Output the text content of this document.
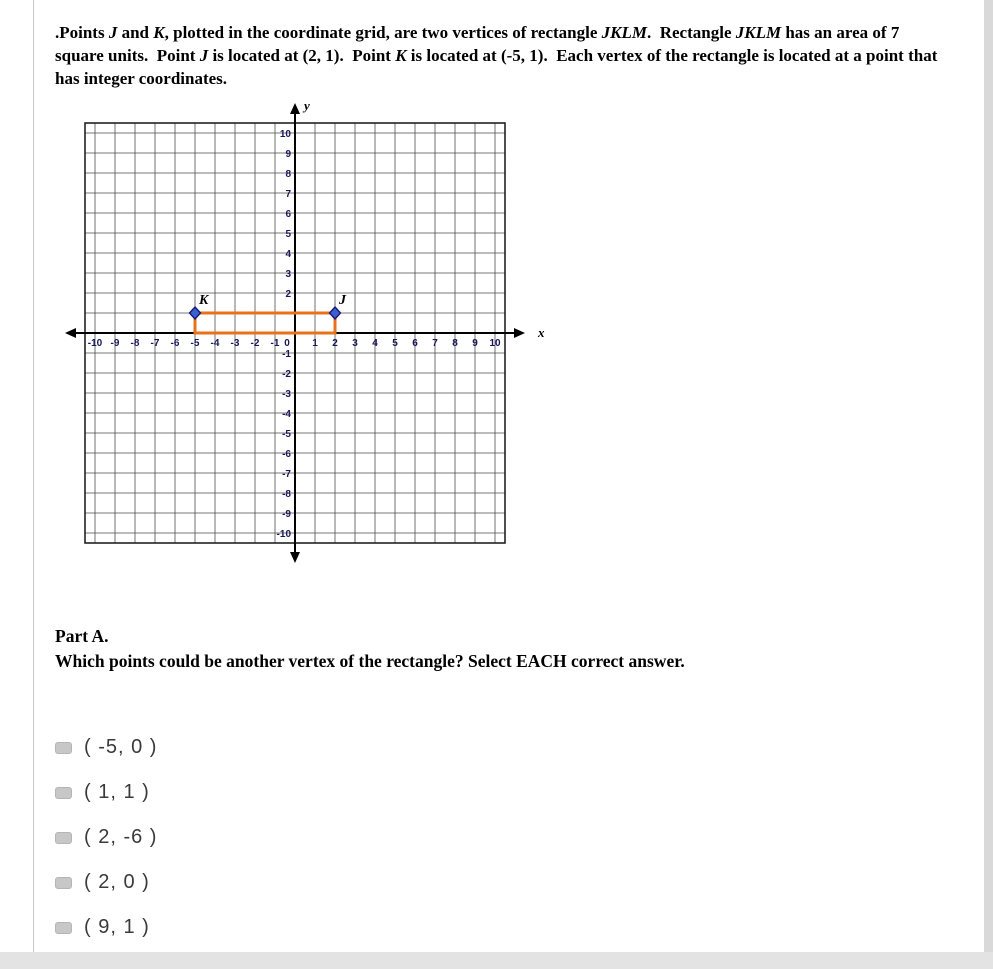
.Points J and K, plotted in the coordinate grid, are two vertices of rectangle JKLM.  Rectangle JKLM has an area of 7 square units.  Point J is located at (2, 1).  Point K is located at (-5, 1).  Each vertex of the rectangle is located at a point that has integer coordinates.

-10 -9 -8 -7 -6 -5 -4 -3 -2 -1 0 1 2 3 4 5 6 7 8 9 10
10
9
8
7
6
5
4
3
2
-1
-2
-3
-4
-5
-6
-7
-8
-9
-10
y
x
J
K
Part A.
Which points could be another vertex of the rectangle? Select EACH correct answer.
( -5, 0 )
( 1, 1 )
( 2, -6 )
( 2, 0 )
( 9, 1 )
